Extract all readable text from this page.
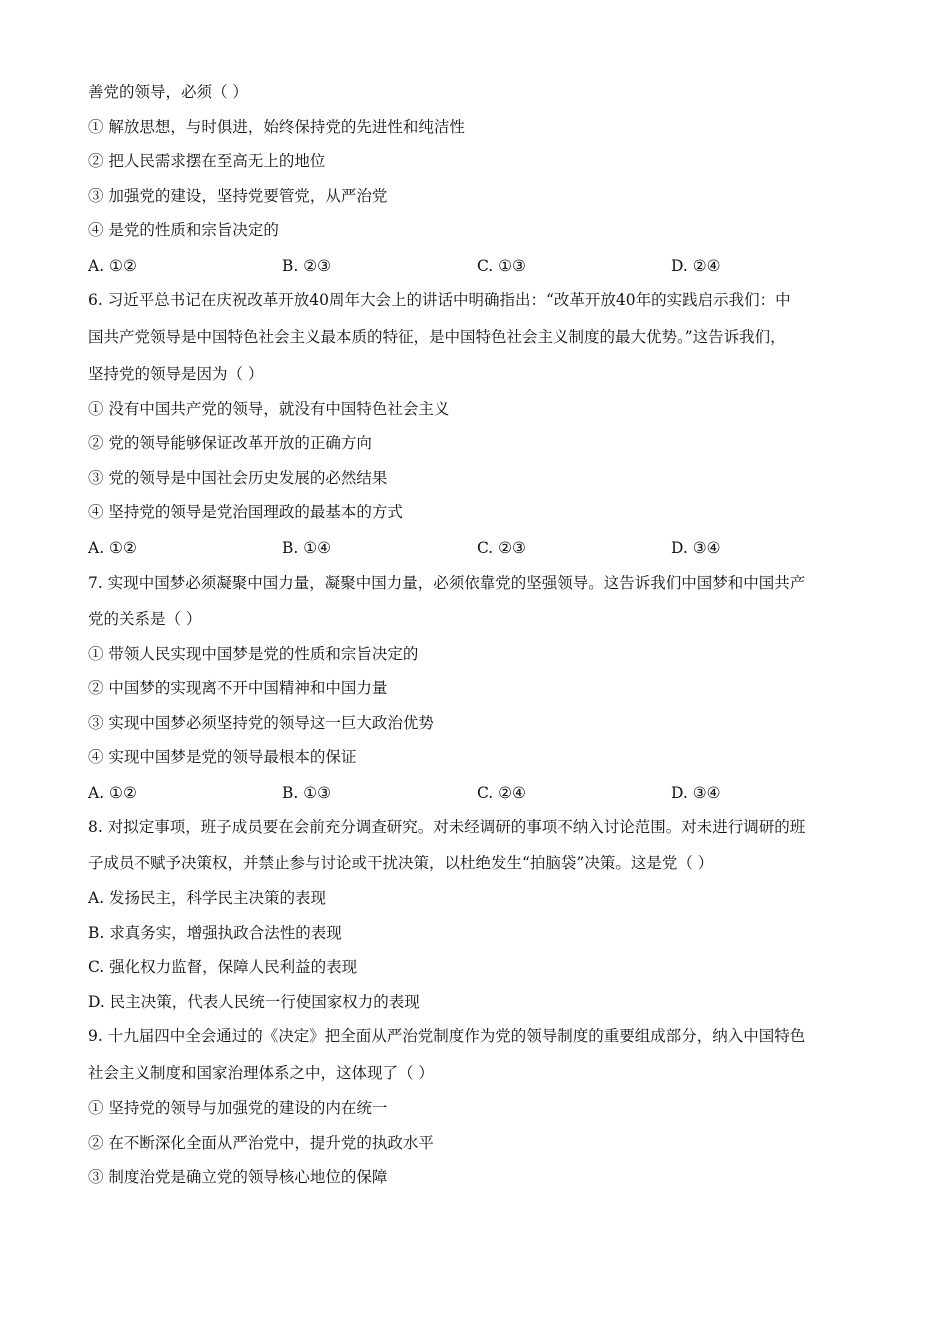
善党的领导，必须（ ）
① 解放思想，与时俱进，始终保持党的先进性和纯洁性
② 把人民需求摆在至高无上的地位
③ 加强党的建设，坚持党要管党，从严治党
④ 是党的性质和宗旨决定的
A. ①②	B. ②③	C. ①③	D. ②④
6. 习近平总书记在庆祝改革开放40周年大会上的讲话中明确指出：“改革开放40年的实践启示我们：中
国共产党领导是中国特色社会主义最本质的特征，是中国特色社会主义制度的最大优势。”这告诉我们，
坚持党的领导是因为（ ）
① 没有中国共产党的领导，就没有中国特色社会主义
② 党的领导能够保证改革开放的正确方向
③ 党的领导是中国社会历史发展的必然结果
④ 坚持党的领导是党治国理政的最基本的方式
A. ①②	B. ①④	C. ②③	D. ③④
7. 实现中国梦必须凝聚中国力量，凝聚中国力量，必须依靠党的坚强领导。这告诉我们中国梦和中国共产
党的关系是（ ）
① 带领人民实现中国梦是党的性质和宗旨决定的
② 中国梦的实现离不开中国精神和中国力量
③ 实现中国梦必须坚持党的领导这一巨大政治优势
④ 实现中国梦是党的领导最根本的保证
A. ①②	B. ①③	C. ②④	D. ③④
8. 对拟定事项，班子成员要在会前充分调查研究。对未经调研的事项不纳入讨论范围。对未进行调研的班
子成员不赋予决策权，并禁止参与讨论或干扰决策，以杜绝发生“拍脑袋”决策。这是党（ ）
A. 发扬民主，科学民主决策的表现
B. 求真务实，增强执政合法性的表现
C. 强化权力监督，保障人民利益的表现
D. 民主决策，代表人民统一行使国家权力的表现
9. 十九届四中全会通过的《决定》把全面从严治党制度作为党的领导制度的重要组成部分，纳入中国特色
社会主义制度和国家治理体系之中，这体现了（ ）
① 坚持党的领导与加强党的建设的内在统一
② 在不断深化全面从严治党中，提升党的执政水平
③ 制度治党是确立党的领导核心地位的保障
